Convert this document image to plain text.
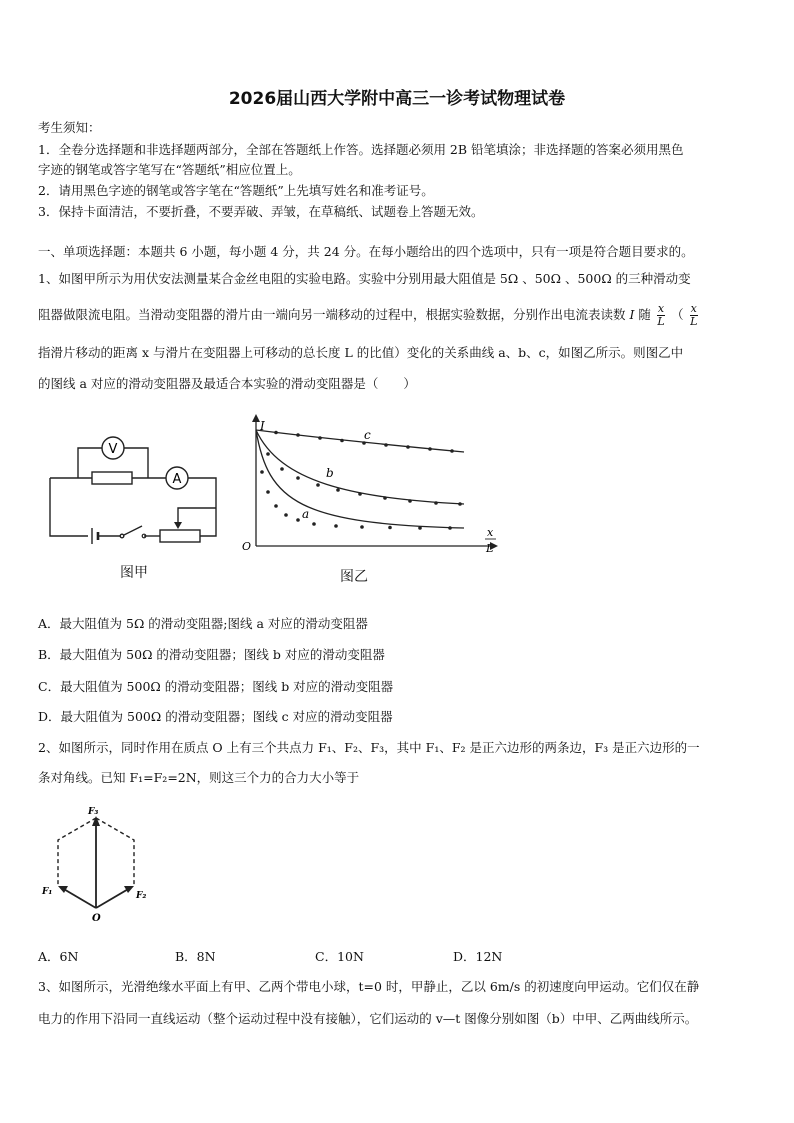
2026届山西大学附中高三一诊考试物理试卷
考生须知：
1．全卷分选择题和非选择题两部分，全部在答题纸上作答。选择题必须用 2B 铅笔填涂；非选择题的答案必须用黑色
字迹的钢笔或答字笔写在“答题纸”相应位置上。
2．请用黑色字迹的钢笔或答字笔在“答题纸”上先填写姓名和准考证号。
3．保持卡面清洁，不要折叠，不要弄破、弄皱，在草稿纸、试题卷上答题无效。
一、单项选择题：本题共 6 小题，每小题 4 分，共 24 分。在每小题给出的四个选项中，只有一项是符合题目要求的。
1、如图甲所示为用伏安法测量某合金丝电阻的实验电路。实验中分别用最大阻值是 5Ω 、50Ω 、500Ω 的三种滑动变
阻器做限流电阻。当滑动变阻器的滑片由一端向另一端移动的过程中，根据实验数据，分别作出电流表读数 I 随 $\frac{x}{L}$ （ $\frac{x}{L}$
指滑片移动的距离 x 与滑片在变阻器上可移动的总长度 L 的比值）变化的关系曲线 a、b、c，如图乙所示。则图乙中
的图线 a 对应的滑动变阻器及最适合本实验的滑动变阻器是（　　）
V
A
图甲
I
O
x
L
c
b
a
图乙
A．最大阻值为 5Ω 的滑动变阻器;图线 a 对应的滑动变阻器
B．最大阻值为 50Ω 的滑动变阻器；图线 b 对应的滑动变阻器
C．最大阻值为 500Ω 的滑动变阻器；图线 b 对应的滑动变阻器
D．最大阻值为 500Ω 的滑动变阻器；图线 c 对应的滑动变阻器
2、如图所示，同时作用在质点 O 上有三个共点力 F₁、F₂、F₃，其中 F₁、F₂ 是正六边形的两条边，F₃ 是正六边形的一
条对角线。已知 F₁=F₂=2N，则这三个力的合力大小等于
F₃
F₁	F₂
O
A．6N	B．8N	C．10N	D．12N
3、如图所示，光滑绝缘水平面上有甲、乙两个带电小球，t=0 时，甲静止，乙以 6m/s 的初速度向甲运动。它们仅在静
电力的作用下沿同一直线运动（整个运动过程中没有接触），它们运动的 v—t 图像分别如图（b）中甲、乙两曲线所示。
